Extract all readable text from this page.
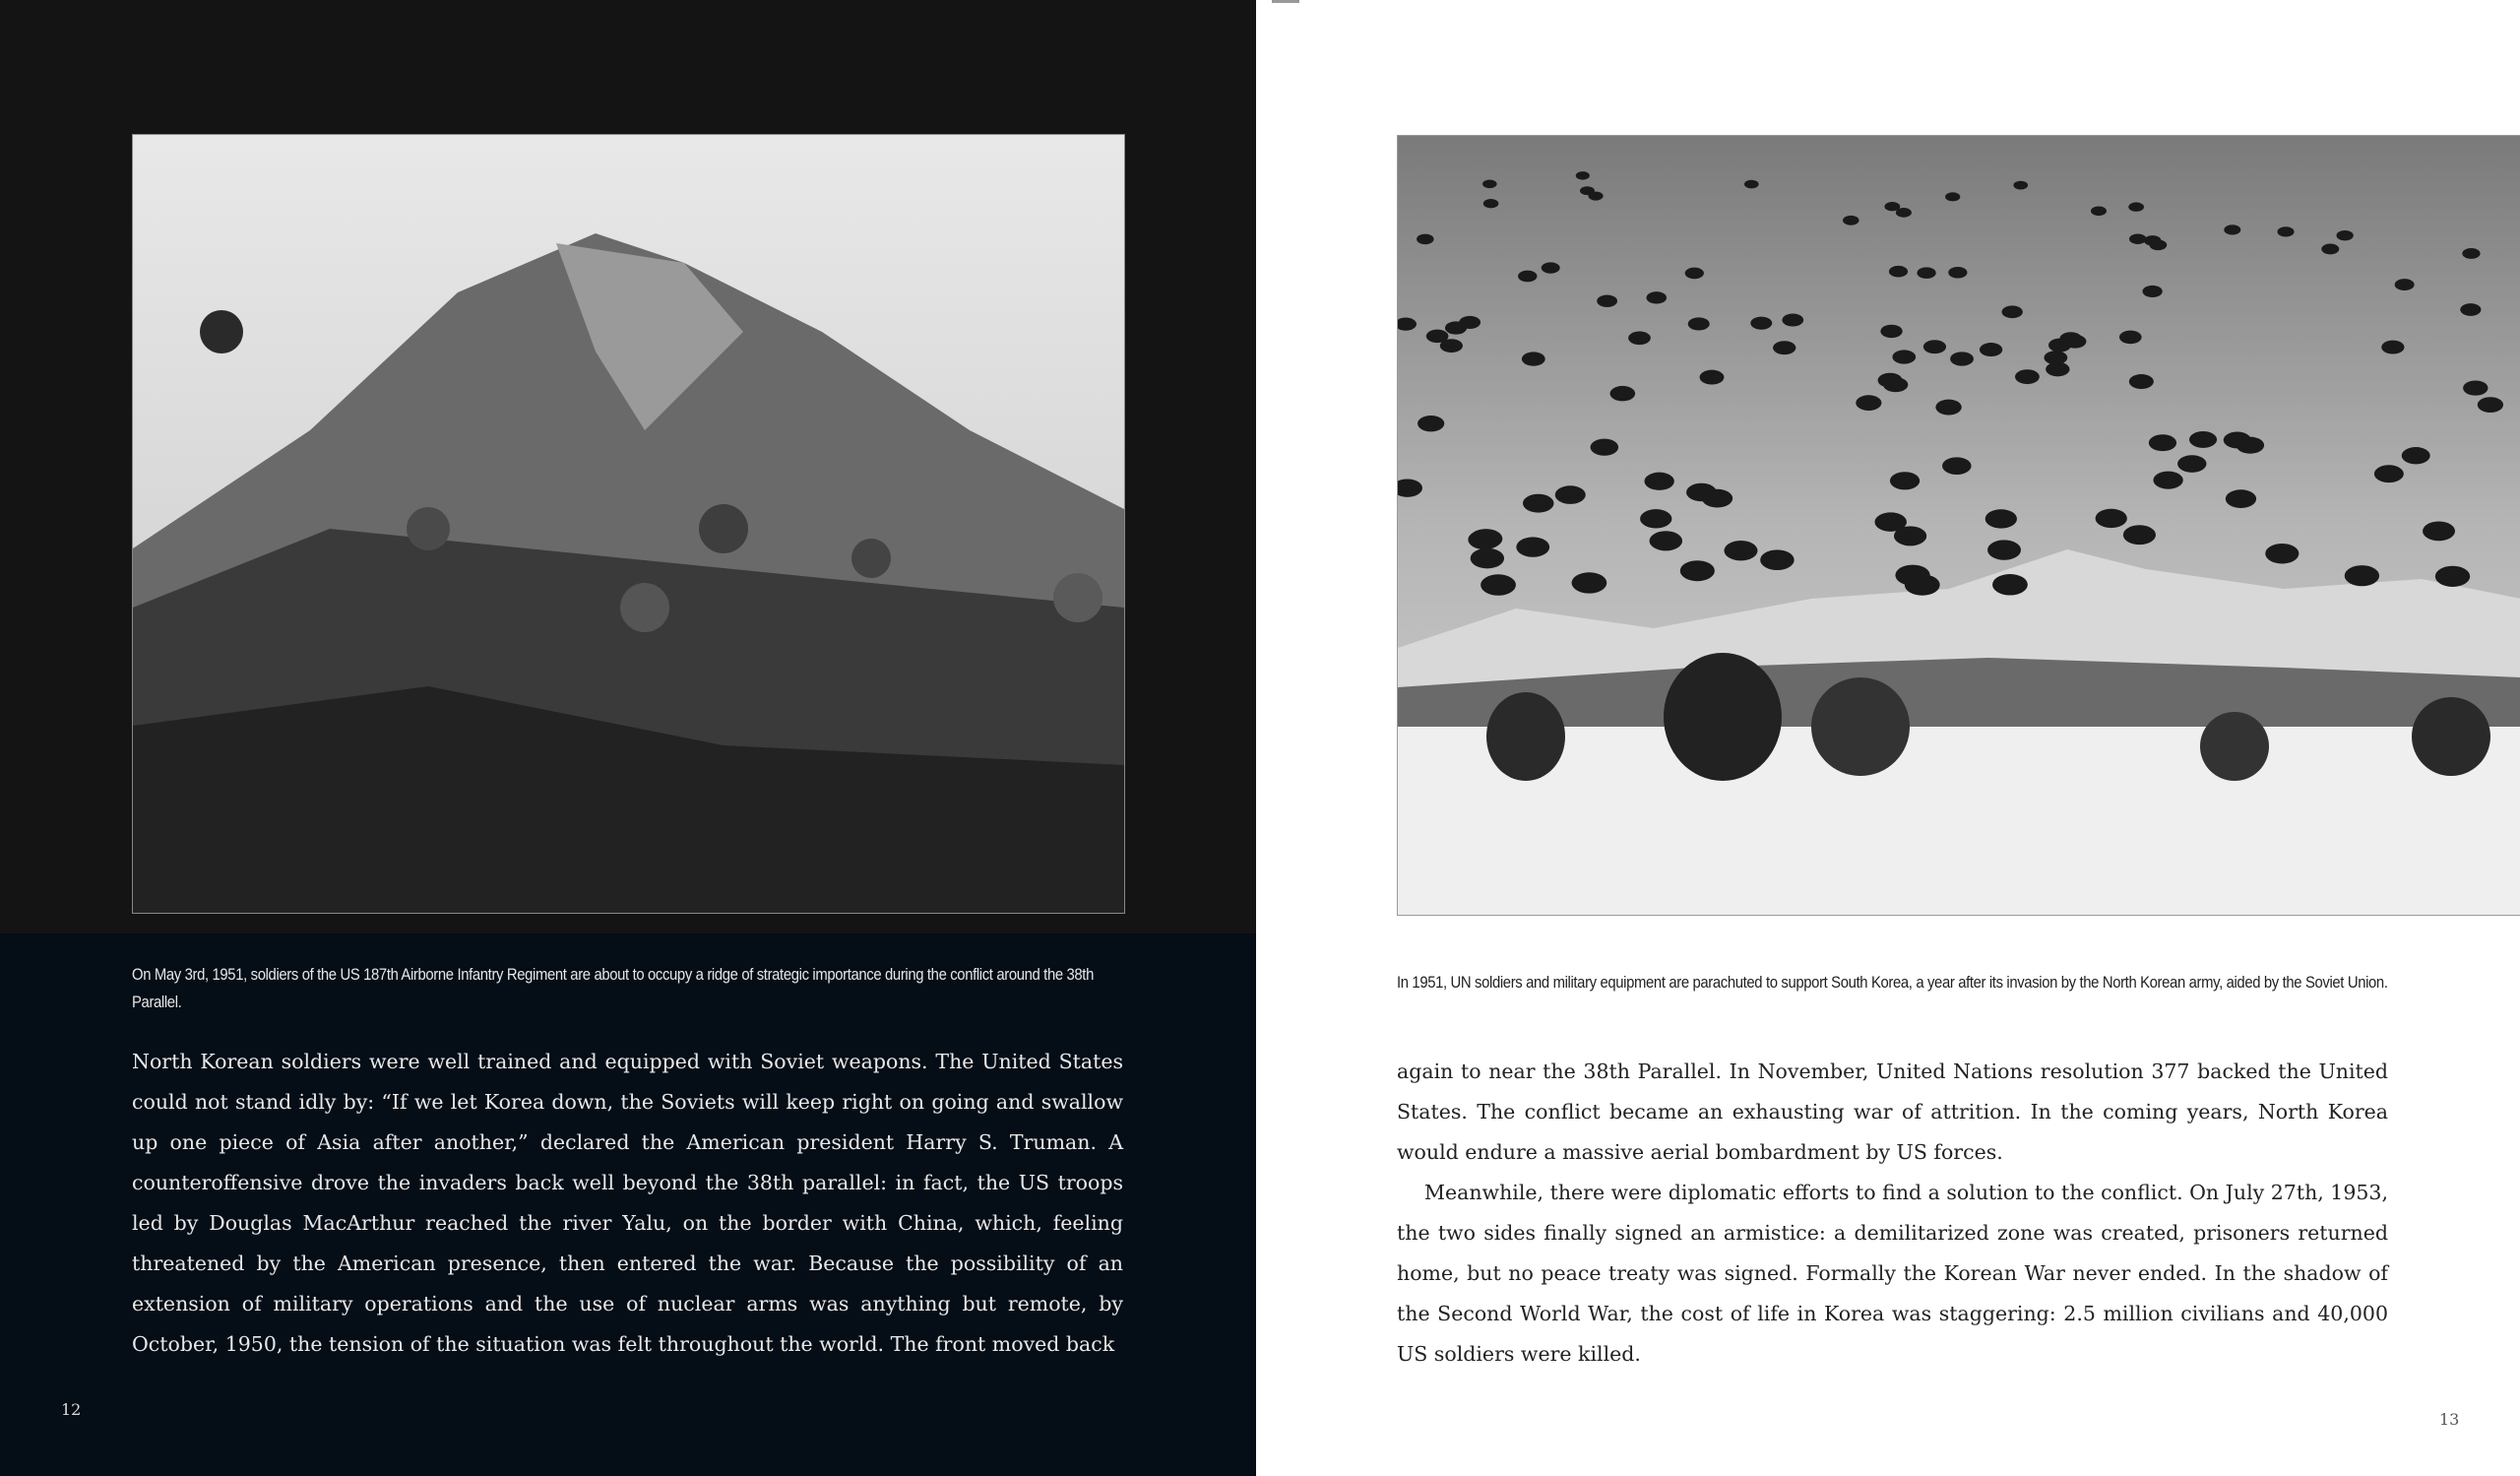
On May 3rd, 1951, soldiers of the US 187th Airborne Infantry Regiment are about to occupy a ridge of strategic importance during the conflict around the 38th Parallel.

North Korean soldiers were well trained and equipped with Soviet weapons. The United States could not stand idly by: “If we let Korea down, the Soviets will keep right on going and swallow up one piece of Asia after another,” declared the American president Harry S. Truman. A counteroffensive drove the invaders back well beyond the 38th parallel: in fact, the US troops led by Douglas MacArthur reached the river Yalu, on the border with China, which, feeling threatened by the American presence, then entered the war. Because the possibility of an extension of military operations and the use of nuclear arms was anything but remote, by October, 1950, the tension of the situation was felt throughout the world. The front moved back

12
In 1951, UN soldiers and military equipment are parachuted to support South Korea, a year after its invasion by the North Korean army, aided by the Soviet Union.

again to near the 38th Parallel. In November, United Nations resolution 377 backed the United States. The conflict became an exhausting war of attrition. In the coming years, North Korea would endure a massive aerial bombardment by US forces.

Meanwhile, there were diplomatic efforts to find a solution to the conflict. On July 27th, 1953, the two sides finally signed an armistice: a demilitarized zone was created, prisoners returned home, but no peace treaty was signed. Formally the Korean War never ended. In the shadow of the Second World War, the cost of life in Korea was staggering: 2.5 million civilians and 40,000 US soldiers were killed.

13
